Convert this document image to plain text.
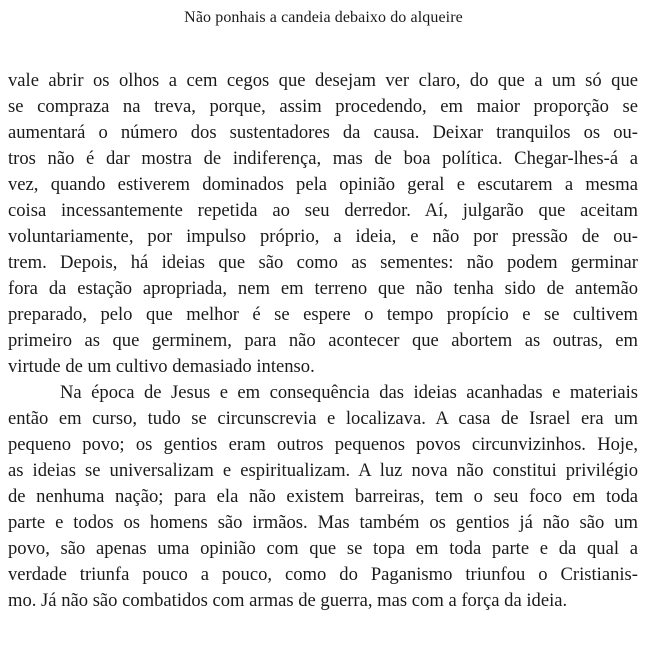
Não ponhais a candeia debaixo do alqueire
vale abrir os olhos a cem cegos que desejam ver claro, do que a um só que
se compraza na treva, porque, assim procedendo, em maior proporção se
aumentará o número dos sustentadores da causa. Deixar tranquilos os ou-
tros não é dar mostra de indiferença, mas de boa política. Chegar-lhes-á a
vez, quando estiverem dominados pela opinião geral e escutarem a mesma
coisa incessantemente repetida ao seu derredor. Aí, julgarão que aceitam
voluntariamente, por impulso próprio, a ideia, e não por pressão de ou-
trem. Depois, há ideias que são como as sementes: não podem germinar
fora da estação apropriada, nem em terreno que não tenha sido de antemão
preparado, pelo que melhor é se espere o tempo propício e se cultivem
primeiro as que germinem, para não acontecer que abortem as outras, em
virtude de um cultivo demasiado intenso.
Na época de Jesus e em consequência das ideias acanhadas e materiais
então em curso, tudo se circunscrevia e localizava. A casa de Israel era um
pequeno povo; os gentios eram outros pequenos povos circunvizinhos. Hoje,
as ideias se universalizam e espiritualizam. A luz nova não constitui privilégio
de nenhuma nação; para ela não existem barreiras, tem o seu foco em toda
parte e todos os homens são irmãos. Mas também os gentios já não são um
povo, são apenas uma opinião com que se topa em toda parte e da qual a
verdade triunfa pouco a pouco, como do Paganismo triunfou o Cristianis-
mo. Já não são combatidos com armas de guerra, mas com a força da ideia.
